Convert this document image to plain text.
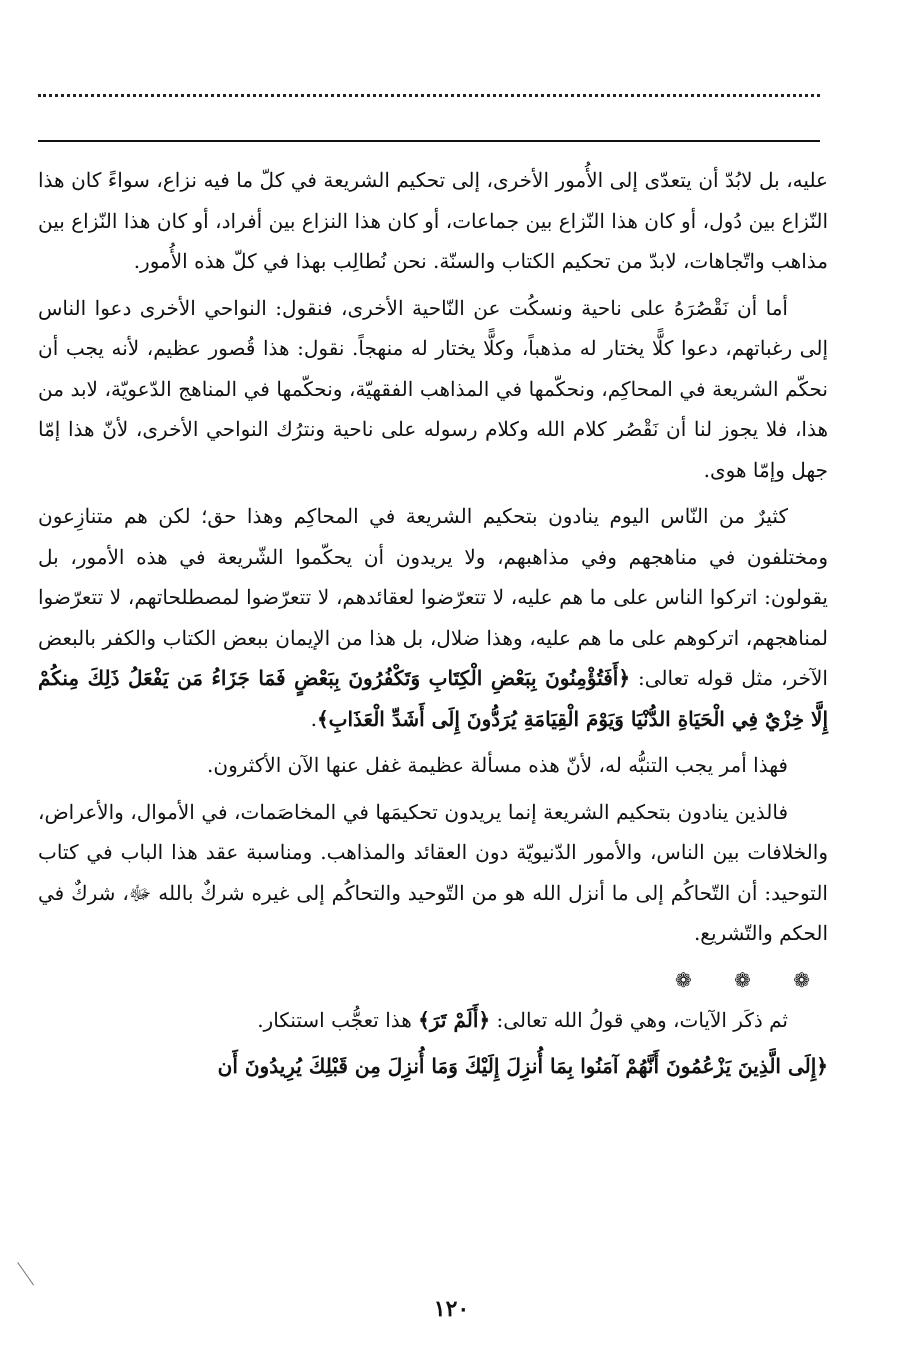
عليه، بل لابُدّ أن يتعدّى إلى الأُمور الأخرى، إلى تحكيم الشريعة في كلّ ما فيه نزاع، سواءً كان هذا النّزاع بين دُول، أو كان هذا النّزاع بين جماعات، أو كان هذا النزاع بين أفراد، أو كان هذا النّزاع بين مذاهب واتّجاهات، لابدّ من تحكيم الكتاب والسنّة. نحن نُطالِب بهذا في كلّ هذه الأُمور.

أما أن نَقْصُرَهُ على ناحية ونسكُت عن النّاحية الأخرى، فنقول: النواحي الأخرى دعوا الناس إلى رغباتهم، دعوا كلًّا يختار له مذهباً، وكلًّا يختار له منهجاً. نقول: هذا قُصور عظيم، لأنه يجب أن نحكّم الشريعة في المحاكِم، ونحكّمها في المذاهب الفقهيّة، ونحكّمها في المناهج الدّعويّة، لابد من هذا، فلا يجوز لنا أن نَقْصُر كلام الله وكلام رسوله على ناحية ونترُك النواحي الأخرى، لأنّ هذا إمّا جهل وإمّا هوى.

كثيرٌ من النّاس اليوم ينادون بتحكيم الشريعة في المحاكِم وهذا حق؛ لكن هم متنازِعون ومختلفون في مناهجهم وفي مذاهبهم، ولا يريدون أن يحكّموا الشّريعة في هذه الأمور، بل يقولون: اتركوا الناس على ما هم عليه، لا تتعرّضوا لعقائدهم، لا تتعرّضوا لمصطلحاتهم، لا تتعرّضوا لمناهجهم، اتركوهم على ما هم عليه، وهذا ضلال، بل هذا من الإيمان ببعض الكتاب والكفر بالبعض الآخر، مثل قوله تعالى: ﴿أَفَتُؤْمِنُونَ بِبَعْضِ الْكِتَابِ وَتَكْفُرُونَ بِبَعْضٍ فَمَا جَزَاءُ مَن يَفْعَلُ ذَلِكَ مِنكُمْ إِلَّا خِزْيٌ فِي الْحَيَاةِ الدُّنْيَا وَيَوْمَ الْقِيَامَةِ يُرَدُّونَ إِلَى أَشَدِّ الْعَذَابِ﴾.

فهذا أمر يجب التنبُّه له، لأنّ هذه مسألة عظيمة غفل عنها الآن الأكثرون.

فالذين ينادون بتحكيم الشريعة إنما يريدون تحكيمَها في المخاصَمات، في الأموال، والأعراض، والخلافات بين الناس، والأمور الدّنيويّة دون العقائد والمذاهب. ومناسبة عقد هذا الباب في كتاب التوحيد: أن التّحاكُم إلى ما أنزل الله هو من التّوحيد والتحاكُم إلى غيره شركٌ بالله ﷻ، شركٌ في الحكم والتّشريع.

❁ ❁ ❁

ثم ذكَر الآيات، وهي قولُ الله تعالى: ﴿أَلَمْ تَرَ﴾ هذا تعجُّب استنكار.

﴿إِلَى الَّذِينَ يَزْعُمُونَ أَنَّهُمْ آمَنُوا بِمَا أُنزِلَ إِلَيْكَ وَمَا أُنزِلَ مِن قَبْلِكَ يُرِيدُونَ أَن

١٢٠
